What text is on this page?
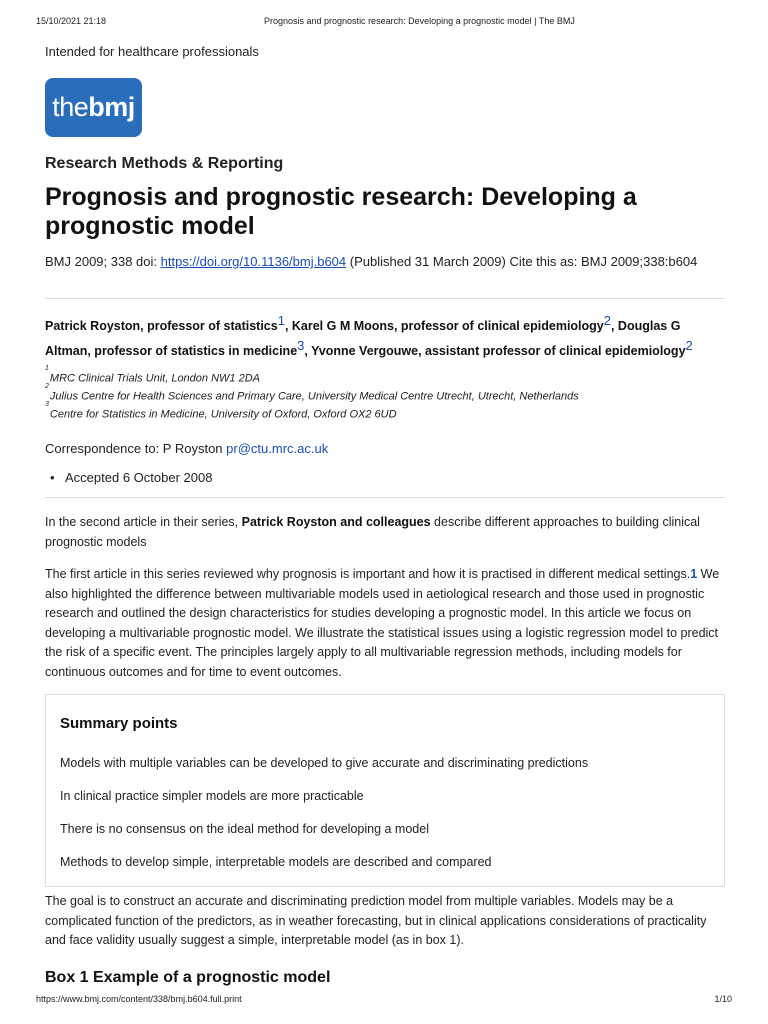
15/10/2021 21:18	Prognosis and prognostic research: Developing a prognostic model | The BMJ
Intended for healthcare professionals
the bmj
Research Methods & Reporting
Prognosis and prognostic research: Developing a prognostic model
BMJ 2009; 338 doi: https://doi.org/10.1136/bmj.b604 (Published 31 March 2009) Cite this as: BMJ 2009;338:b604
Patrick Royston, professor of statistics$^1$, Karel G M Moons, professor of clinical epidemiology$^2$, Douglas G Altman, professor of statistics in medicine$^3$, Yvonne Vergouwe, assistant professor of clinical epidemiology$^2$
$^1$MRC Clinical Trials Unit, London NW1 2DA
$^2$Julius Centre for Health Sciences and Primary Care, University Medical Centre Utrecht, Utrecht, Netherlands
$^3$Centre for Statistics in Medicine, University of Oxford, Oxford OX2 6UD
Correspondence to: P Royston pr@ctu.mrc.ac.uk
• Accepted 6 October 2008

In the second article in their series, Patrick Royston and colleagues describe different approaches to building clinical prognostic models

The first article in this series reviewed why prognosis is important and how it is practised in different medical settings.1 We also highlighted the difference between multivariable models used in aetiological research and those used in prognostic research and outlined the design characteristics for studies developing a prognostic model. In this article we focus on developing a multivariable prognostic model. We illustrate the statistical issues using a logistic regression model to predict the risk of a specific event. The principles largely apply to all multivariable regression methods, including models for continuous outcomes and for time to event outcomes.

Summary points
Models with multiple variables can be developed to give accurate and discriminating predictions
In clinical practice simpler models are more practicable
There is no consensus on the ideal method for developing a model
Methods to develop simple, interpretable models are described and compared

The goal is to construct an accurate and discriminating prediction model from multiple variables. Models may be a complicated function of the predictors, as in weather forecasting, but in clinical applications considerations of practicality and face validity usually suggest a simple, interpretable model (as in box 1).

Box 1 Example of a prognostic model
https://www.bmj.com/content/338/bmj.b604.full.print	1/10
